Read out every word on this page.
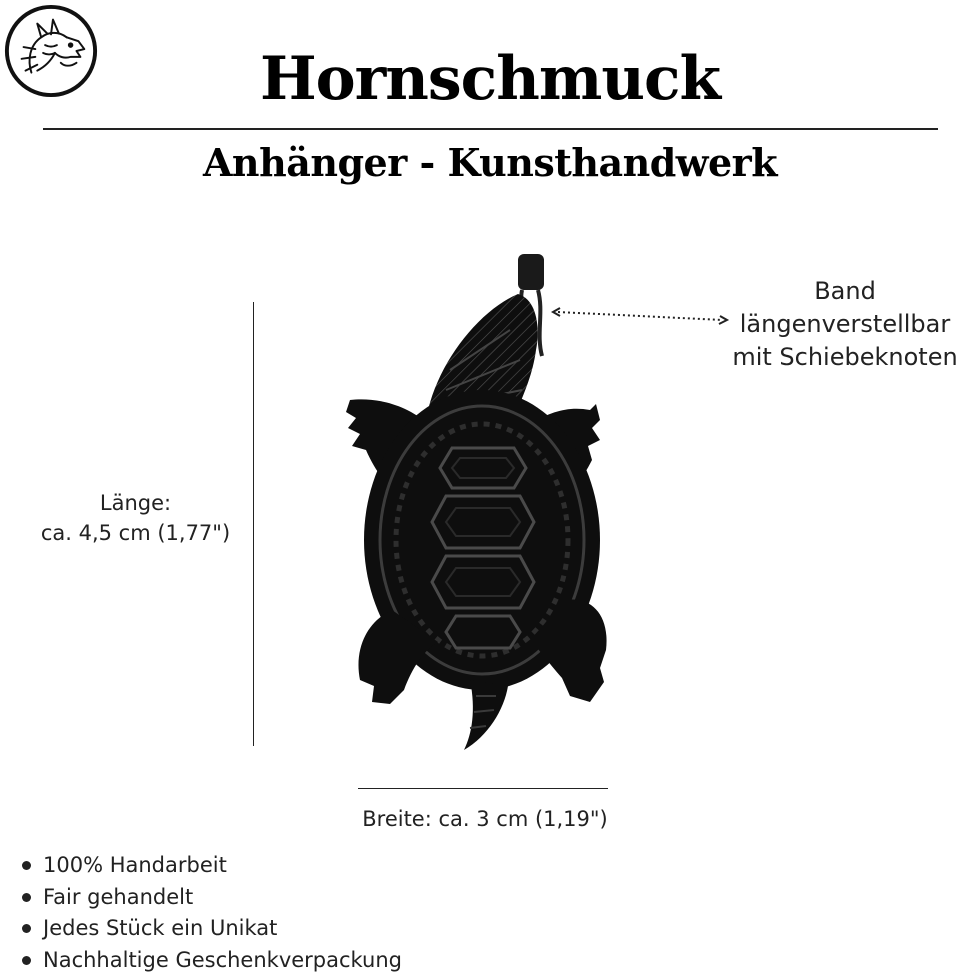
Hornschmuck
Anhänger - Kunsthandwerk
Länge:
ca. 4,5 cm (1,77")
Band
längenverstellbar
mit Schiebeknoten
Breite: ca. 3 cm (1,19")
100% Handarbeit
Fair gehandelt
Jedes Stück ein Unikat
Nachhaltige Geschenkverpackung
